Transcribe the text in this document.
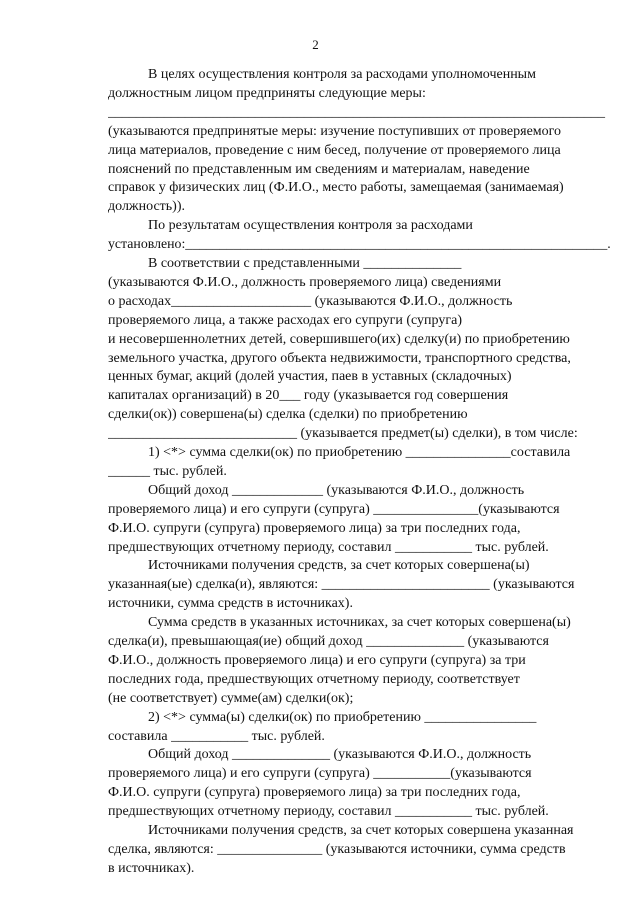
2
В целях осуществления контроля за расходами уполномоченным
должностным лицом предприняты следующие меры:
_______________________________________________________________________
(указываются предпринятые меры: изучение поступивших от проверяемого
лица материалов, проведение с ним бесед, получение от проверяемого лица
пояснений по представленным им сведениям и материалам, наведение
справок у физических лиц (Ф.И.О., место работы, замещаемая (занимаемая)
должность)).
По результатам осуществления контроля за расходами
установлено:_____________________________________________________________.
В соответствии с представленными ______________
(указываются Ф.И.О., должность проверяемого лица) сведениями
о расходах____________________ (указываются Ф.И.О., должность
проверяемого лица, а также расходах его супруги (супруга)
и несовершеннолетних детей, совершившего(их) сделку(и) по приобретению
земельного участка, другого объекта недвижимости, транспортного средства,
ценных бумаг, акций (долей участия, паев в уставных (складочных)
капиталах организаций) в 20___ году (указывается год совершения
сделки(ок)) совершена(ы) сделка (сделки) по приобретению
___________________________ (указывается предмет(ы) сделки), в том числе:
1) <*> сумма сделки(ок) по приобретению _______________составила
______ тыс. рублей.
Общий доход _____________ (указываются Ф.И.О., должность
проверяемого лица) и его супруги (супруга) _______________(указываются
Ф.И.О. супруги (супруга) проверяемого лица) за три последних года,
предшествующих отчетному периоду, составил ___________ тыс. рублей.
Источниками получения средств, за счет которых совершена(ы)
указанная(ые) сделка(и), являются: ________________________ (указываются
источники, сумма средств в источниках).
Сумма средств в указанных источниках, за счет которых совершена(ы)
сделка(и), превышающая(ие) общий доход ______________ (указываются
Ф.И.О., должность проверяемого лица) и его супруги (супруга) за три
последних года, предшествующих отчетному периоду, соответствует
(не соответствует) сумме(ам) сделки(ок);
2) <*> сумма(ы) сделки(ок) по приобретению ________________
составила ___________ тыс. рублей.
Общий доход ______________ (указываются Ф.И.О., должность
проверяемого лица) и его супруги (супруга) ___________(указываются
Ф.И.О. супруги (супруга) проверяемого лица) за три последних года,
предшествующих отчетному периоду, составил ___________ тыс. рублей.
Источниками получения средств, за счет которых совершена указанная
сделка, являются: _______________ (указываются источники, сумма средств
в источниках).
